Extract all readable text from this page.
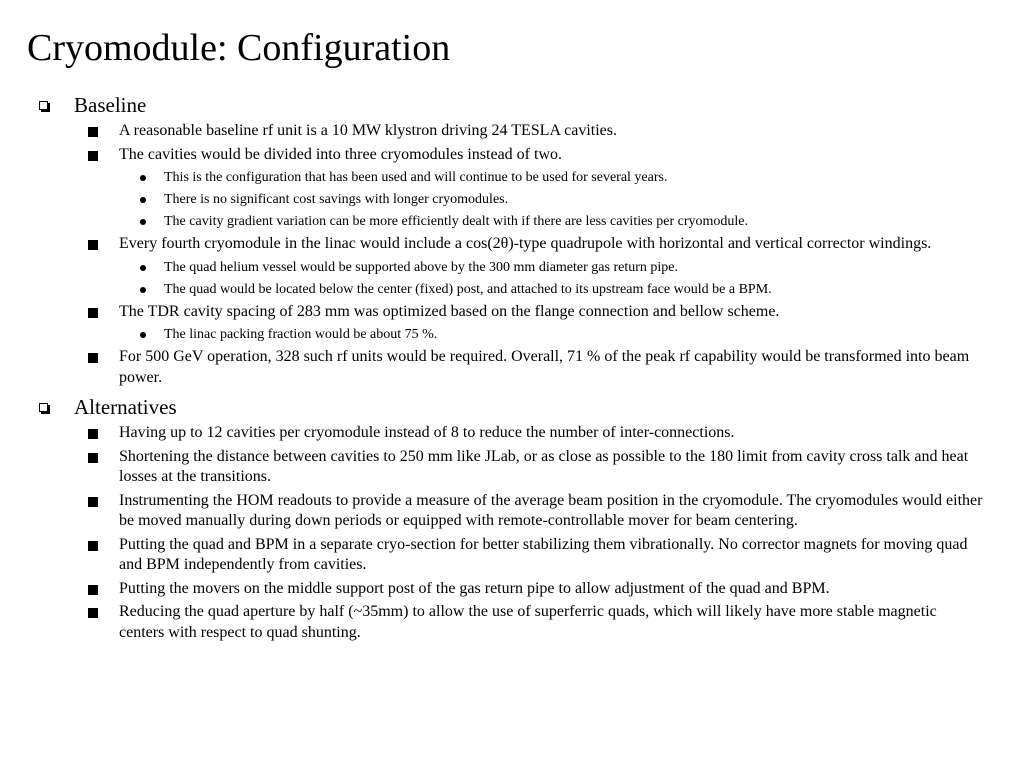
Cryomodule: Configuration
Baseline
A reasonable baseline rf unit is a 10 MW klystron driving 24 TESLA cavities.
The cavities would be divided into three cryomodules instead of two.
This is the configuration that has been used and will continue to be used for several years.
There is no significant cost savings with longer cryomodules.
The cavity gradient variation can be more efficiently dealt with if there are less cavities per cryomodule.
Every fourth cryomodule in the linac would include a cos(2θ)-type quadrupole with horizontal and vertical corrector windings.
The quad helium vessel would be supported above by the 300 mm diameter gas return pipe.
The quad would be located below the center (fixed) post, and attached to its upstream face would be a BPM.
The TDR cavity spacing of 283 mm was optimized based on the flange connection and bellow scheme.
The linac packing fraction would be about 75 %.
For 500 GeV operation, 328 such rf units would be required. Overall, 71 % of the peak rf capability would be transformed into beam power.
Alternatives
Having up to 12 cavities per cryomodule instead of 8 to reduce the number of inter-connections.
Shortening the distance between cavities to 250 mm like JLab, or as close as possible to the 180 limit from cavity cross talk and heat losses at the transitions.
Instrumenting the HOM readouts to provide a measure of the average beam position in the cryomodule. The cryomodules would either be moved manually during down periods or equipped with remote-controllable mover for beam centering.
Putting the quad and BPM in a separate cryo-section for better stabilizing them vibrationally. No corrector magnets for moving quad and BPM independently from cavities.
Putting the movers on the middle support post of the gas return pipe to allow adjustment of the quad and BPM.
Reducing the quad aperture by half (~35mm) to allow the use of superferric quads, which will likely have more stable magnetic centers with respect to quad shunting.
